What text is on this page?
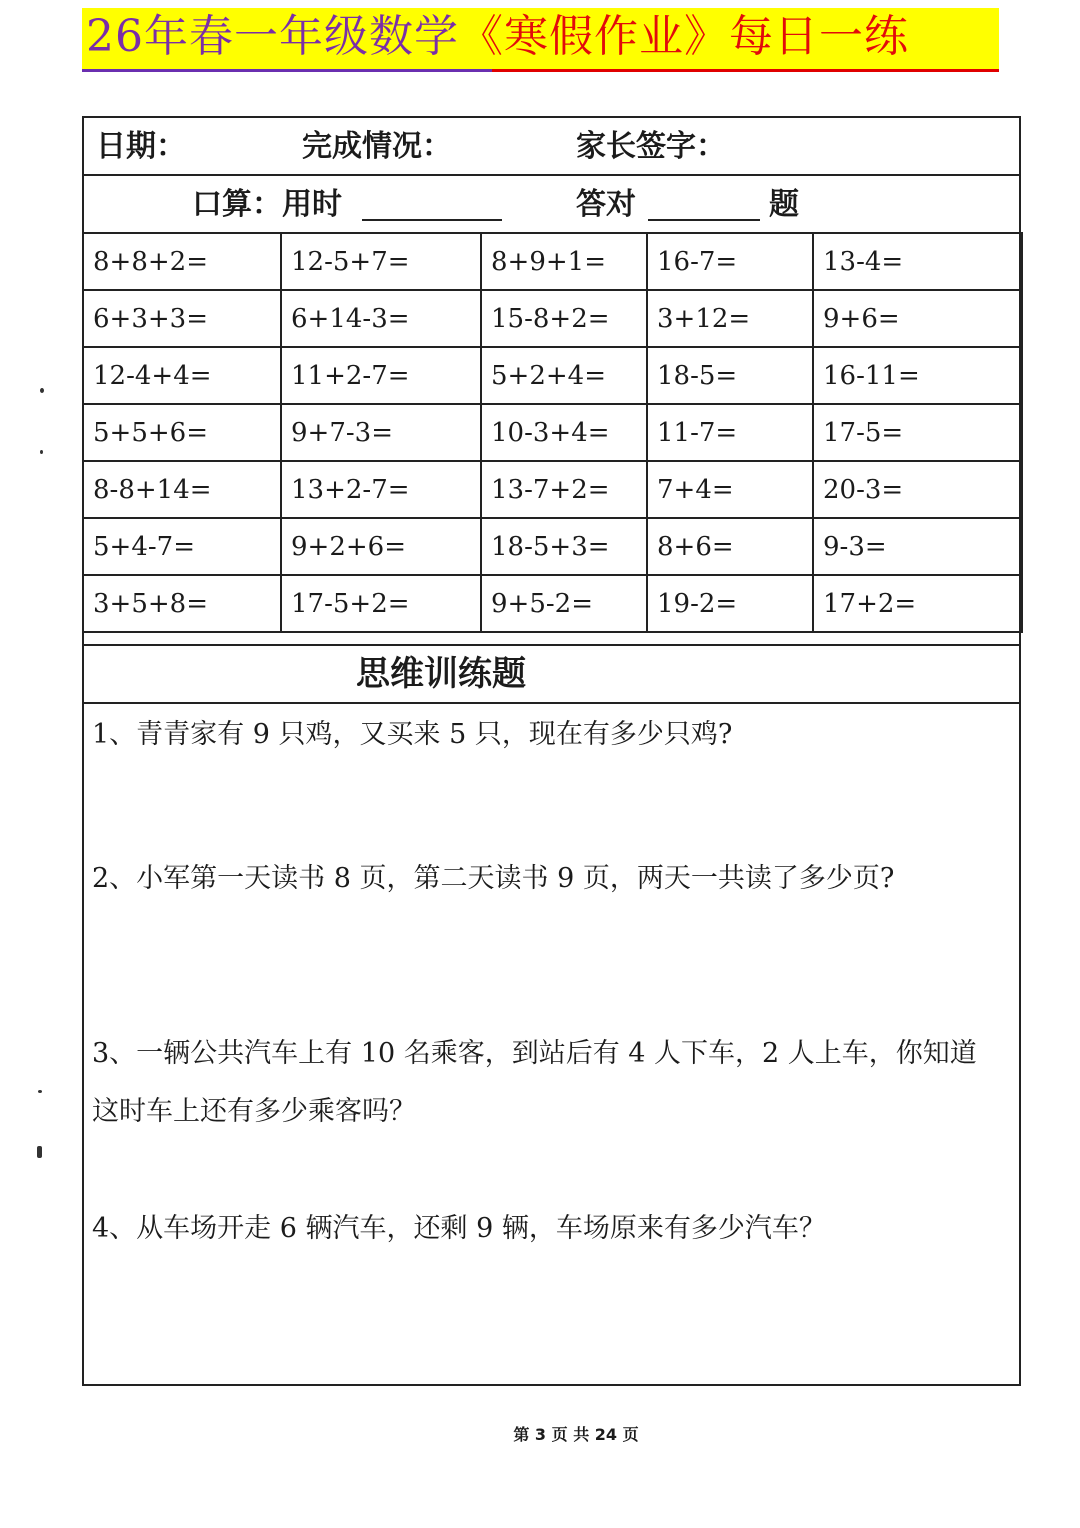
26年春一年级数学《寒假作业》每日一练
日期：	完成情况：	家长签字：
口算：用时	答对	题
8+8+2=	12-5+7=	8+9+1=	16-7=	13-4=
6+3+3=	6+14-3=	15-8+2=	3+12=	9+6=
12-4+4=	11+2-7=	5+2+4=	18-5=	16-11=
5+5+6=	9+7-3=	10-3+4=	11-7=	17-5=
8-8+14=	13+2-7=	13-7+2=	7+4=	20-3=
5+4-7=	9+2+6=	18-5+3=	8+6=	9-3=
3+5+8=	17-5+2=	9+5-2=	19-2=	17+2=
思维训练题
1、青青家有 9 只鸡，又买来 5 只，现在有多少只鸡?
2、小军第一天读书 8 页，第二天读书 9 页，两天一共读了多少页?
3、一辆公共汽车上有 10 名乘客，到站后有 4 人下车，2 人上车，你知道
这时车上还有多少乘客吗？
4、从车场开走 6 辆汽车，还剩 9 辆，车场原来有多少汽车？
第 3 页 共 24 页
